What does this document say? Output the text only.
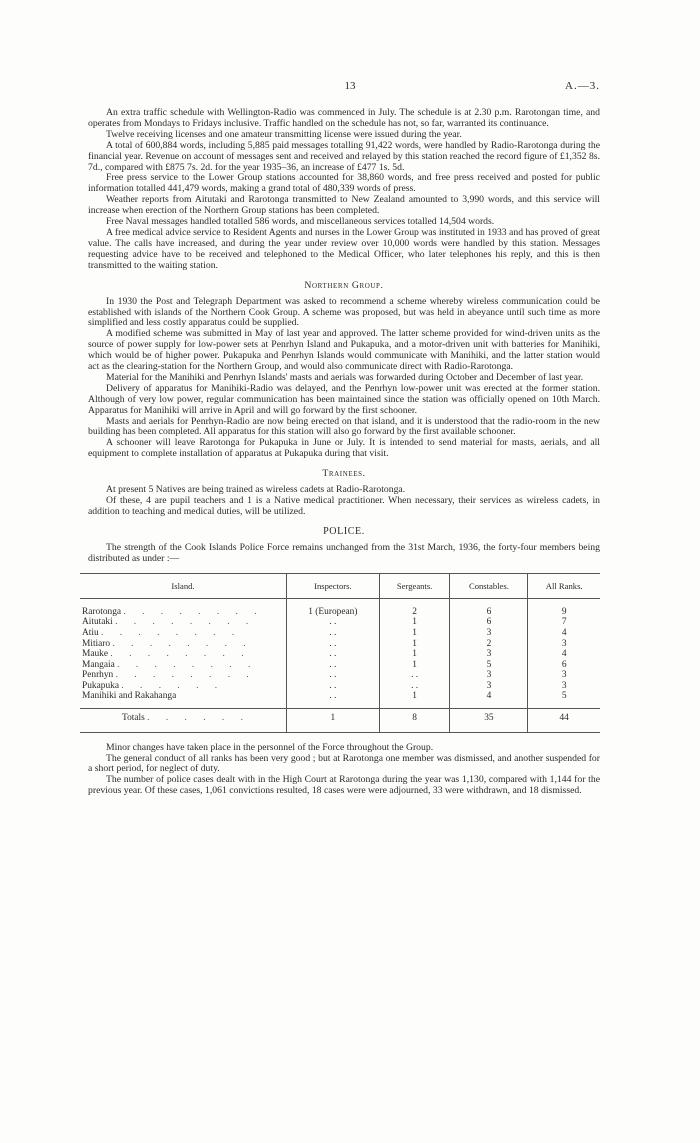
13	A.—3.

An extra traffic schedule with Wellington-Radio was commenced in July. The schedule is at 2.30 p.m. Rarotongan time, and operates from Mondays to Fridays inclusive. Traffic handled on the schedule has not, so far, warranted its continuance.

Twelve receiving licenses and one amateur transmitting license were issued during the year.

A total of 600,884 words, including 5,885 paid messages totalling 91,422 words, were handled by Radio-Rarotonga during the financial year. Revenue on account of messages sent and received and relayed by this station reached the record figure of £1,352 8s. 7d., compared with £875 7s. 2d. for the year 1935–36, an increase of £477 1s. 5d.

Free press service to the Lower Group stations accounted for 38,860 words, and free press received and posted for public information totalled 441,479 words, making a grand total of 480,339 words of press.

Weather reports from Aitutaki and Rarotonga transmitted to New Zealand amounted to 3,990 words, and this service will increase when erection of the Northern Group stations has been completed.

Free Naval messages handled totalled 586 words, and miscellaneous services totalled 14,504 words.

A free medical advice service to Resident Agents and nurses in the Lower Group was instituted in 1933 and has proved of great value. The calls have increased, and during the year under review over 10,000 words were handled by this station. Messages requesting advice have to be received and telephoned to the Medical Officer, who later telephones his reply, and this is then transmitted to the waiting station.

Northern Group.

In 1930 the Post and Telegraph Department was asked to recommend a scheme whereby wireless communication could be established with islands of the Northern Cook Group. A scheme was proposed, but was held in abeyance until such time as more simplified and less costly apparatus could be supplied.

A modified scheme was submitted in May of last year and approved. The latter scheme provided for wind-driven units as the source of power supply for low-power sets at Penrhyn Island and Pukapuka, and a motor-driven unit with batteries for Manihiki, which would be of higher power. Pukapuka and Penrhyn Islands would communicate with Manihiki, and the latter station would act as the clearing-station for the Northern Group, and would also communicate direct with Radio-Rarotonga.

Material for the Manihiki and Penrhyn Islands' masts and aerials was forwarded during October and December of last year.

Delivery of apparatus for Manihiki-Radio was delayed, and the Penrhyn low-power unit was erected at the former station. Although of very low power, regular communication has been maintained since the station was officially opened on 10th March. Apparatus for Manihiki will arrive in April and will go forward by the first schooner.

Masts and aerials for Penrhyn-Radio are now being erected on that island, and it is understood that the radio-room in the new building has been completed. All apparatus for this station will also go forward by the first available schooner.

A schooner will leave Rarotonga for Pukapuka in June or July. It is intended to send material for masts, aerials, and all equipment to complete installation of apparatus at Pukapuka during that visit.

Trainees.

At present 5 Natives are being trained as wireless cadets at Radio-Rarotonga.

Of these, 4 are pupil teachers and 1 is a Native medical practitioner. When necessary, their services as wireless cadets, in addition to teaching and medical duties, will be utilized.

POLICE.

The strength of the Cook Islands Police Force remains unchanged from the 31st March, 1936, the forty-four members being distributed as under :—

Island.	Inspectors.	Sergeants.	Constables.	All Ranks.
Rarotonga . . . . . . . .	1 (European)	2	6	9
Aitutaki . . . . . . . .	. .	1	6	7
Atiu . . . . . . . .	. .	1	3	4
Mitiaro . . . . . . . .	. .	1	2	3
Mauke . . . . . . . .	. .	1	3	4
Mangaia . . . . . . . .	. .	1	5	6
Penrhyn . . . . . . . .	. .	. .	3	3
Pukapuka . . . . . .	. .	. .	3	3
Manihiki and Rakahanga	. .	1	4	5
Totals . . . . . .	1	8	35	44

Minor changes have taken place in the personnel of the Force throughout the Group.

The general conduct of all ranks has been very good ; but at Rarotonga one member was dismissed, and another suspended for a short period, for neglect of duty.

The number of police cases dealt with in the High Court at Rarotonga during the year was 1,130, compared with 1,144 for the previous year. Of these cases, 1,061 convictions resulted, 18 cases were were adjourned, 33 were withdrawn, and 18 dismissed.
